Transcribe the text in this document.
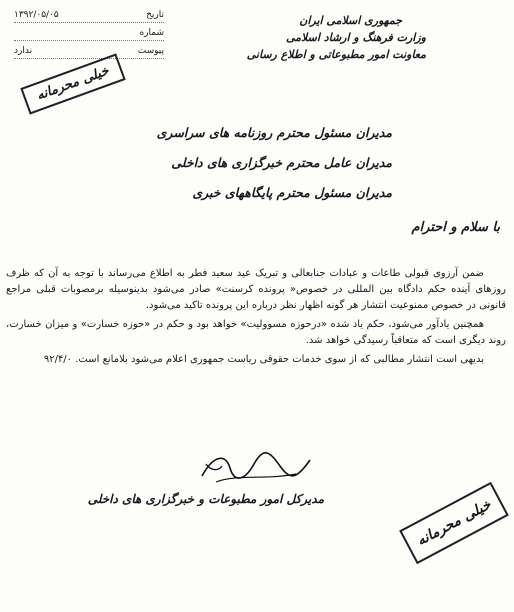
تاریخ
۱۳۹۲/۰۵/۰۵
شماره
پیوست
ندارد
جمهوری اسلامی ایران
وزارت فرهنگ و ارشاد اسلامی
معاونت امور مطبوعاتی و اطلاع رسانی
خیلی محرمانه
مدیران مسئول محترم روزنامه های سراسری
مدیران عامل محترم خبرگزاری های داخلی
مدیران مسئول محترم پایگاههای خبری
با سلام و احترام

ضمن آرزوی قبولی طاعات و عبادات جنابعالی و تبریک عید سعید فطر به اطلاع می‌رساند با توجه به آن که ظرف روزهای آینده حکم دادگاه بین المللی در خصوص« پرونده کرسنت» صادر می‌شود بدینوسیله برمصوبات قبلی مراجع قانونی در خصوص ممنوعیت انتشار هر گونه اظهار نظر درباره این پرونده تاکید می‌شود.

همچنین یادآور می‌شود، حکم یاد شده «درحوزه مسوولیت» خواهد بود و حکم در «حوزه خسارت» و میزان خسارت، روند دیگری است که متعاقباً رسیدگی خواهد شد.

بدیهی است انتشار مطالبی که از سوی خدمات حقوقی ریاست جمهوری اعلام می‌شود بلامانع است. ۹۲/۴/۰

مدیرکل امور مطبوعات و خبرگزاری های داخلی	خیلی محرمانه
